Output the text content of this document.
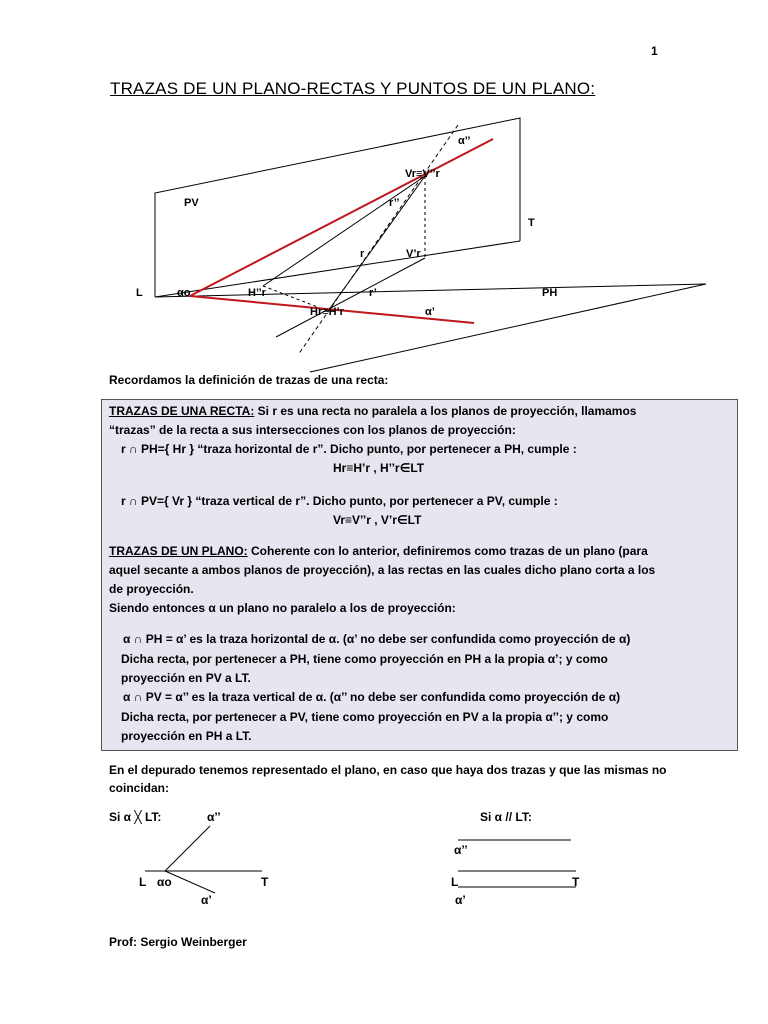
1
TRAZAS DE UN PLANO-RECTAS Y PUNTOS DE UN PLANO:
α’’
Vr≡V’’r
PV	r’’
T
r	V’r
L	αo	H’’r	r’	PH
Hr≡H’r	α’
Recordamos la definición de trazas de una recta:
TRAZAS DE UNA RECTA: Si r es una recta no paralela a los planos de proyección, llamamos
“trazas” de la recta a sus intersecciones con los planos de proyección:
r ∩ PH={ Hr } “traza horizontal de r”. Dicho punto, por pertenecer a PH, cumple :
Hr≡H’r , H’’r∈LT
r ∩ PV={ Vr } “traza vertical de r”. Dicho punto, por pertenecer a PV, cumple :
Vr≡V’’r , V’r∈LT
TRAZAS DE UN PLANO: Coherente con lo anterior, definiremos como trazas de un plano (para
aquel secante a ambos planos de proyección), a las rectas en las cuales dicho plano corta a los
de proyección.
Siendo entonces α un plano no paralelo a los de proyección:
α ∩ PH = α’ es la traza horizontal de α. (α’ no debe ser confundida como proyección de α)
Dicha recta, por pertenecer a PH, tiene como proyección en PH a la propia α’; y como
proyección en PV a LT.
α ∩ PV = α’’ es la traza vertical de α. (α’’ no debe ser confundida como proyección de α)
Dicha recta, por pertenecer a PV, tiene como proyección en PV a la propia α’’; y como
proyección en PH a LT.
En el depurado tenemos representado el plano, en caso que haya dos trazas y que las mismas no coincidan:
Si α ╳ LT:	α’’
L αo	T
α’
Si α // LT:
α’’
L	T
α’
Prof: Sergio Weinberger
